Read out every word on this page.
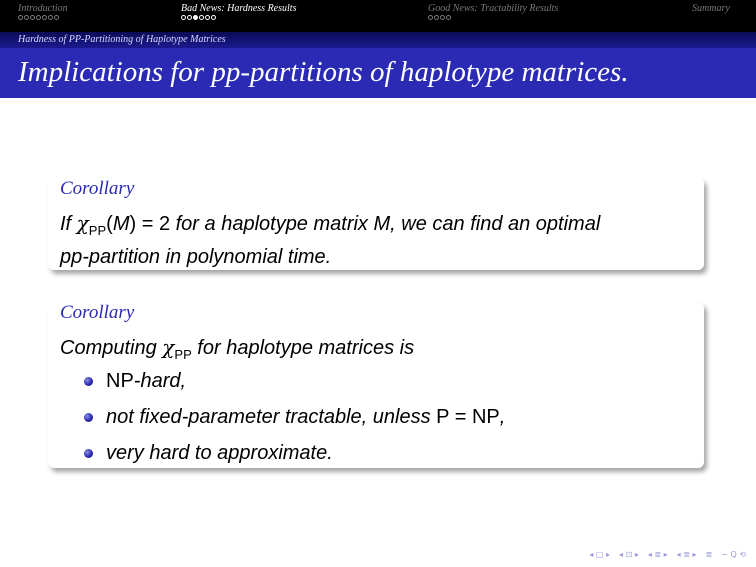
Introduction	Bad News: Hardness Results	Good News: Tractability Results	Summary
Hardness of PP-Partitioning of Haplotype Matrices
Implications for pp-partitions of haplotype matrices.
Corollary
If $\chi_{PP}(M) = 2$ for a haplotype matrix M, we can find an optimal
pp-partition in polynomial time.
Corollary
Computing $\chi_{PP}$ for haplotype matrices is
NP-hard,
not fixed-parameter tractable, unless P = NP,
very hard to approximate.
◂ □ ▸ ◂ ⊡ ▸ ◂ ≣ ▸ ◂ ≣ ▸ ≣ ∽ Q ⟲
